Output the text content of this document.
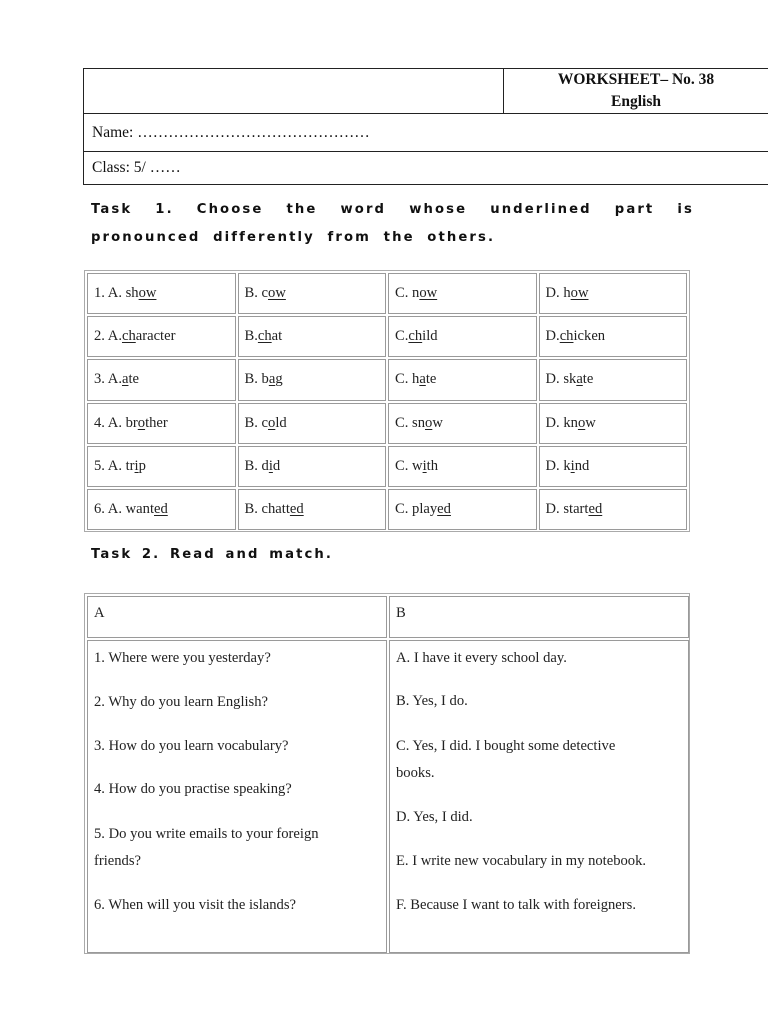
WORKSHEET– No. 38
English

Name: ………………………………………
Class: 5/ ……
Task 1. Choose the word whose underlined part is pronounced differently from the others.
1. A. sh ow	B. c ow	C. n ow	D. h ow
2. A. ch aracter	B. ch at	C. ch ild	D. ch icken
3. A. a te	B. b a g	C. h a te	D. sk a te
4. A. br o ther	B. c o ld	C. sn o w	D. kn o w
5. A. tr i p	B. d i d	C. w i th	D. k i nd
6. A. want ed	B. chatt ed	C. play ed	D. start ed
Task 2. Read and match.
A	B
1. Where were you yesterday?
2. Why do you learn English?
3. How do you learn vocabulary?
4. How do you practise speaking?
5. Do you write emails to your foreign
friends?
6. When will you visit the islands?
A. I have it every school day.
B. Yes, I do.
C. Yes, I did. I bought some detective
books.
D. Yes, I did.
E. I write new vocabulary in my notebook.
F. Because I want to talk with foreigners.
